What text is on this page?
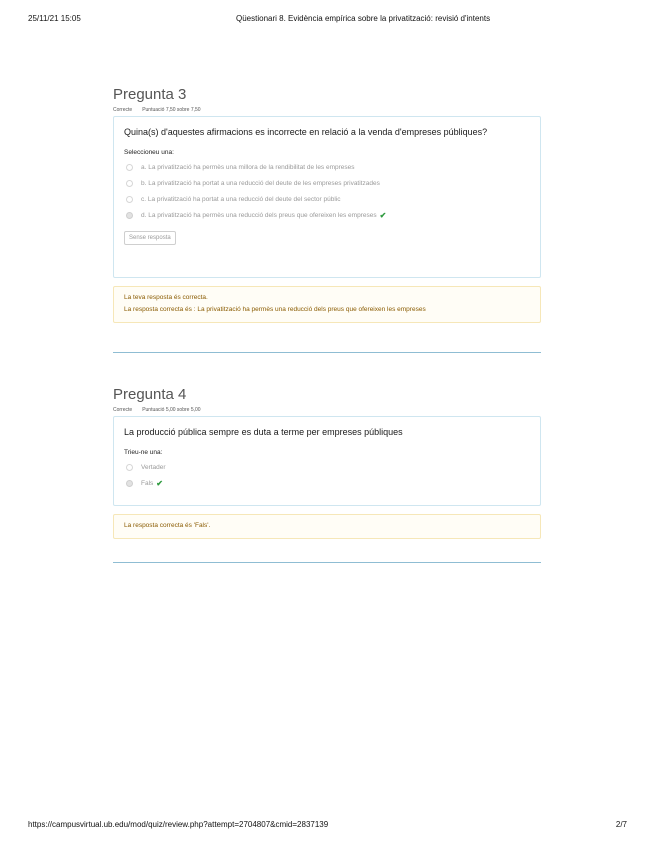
25/11/21 15:05	Qüestionari 8. Evidència empírica sobre la privatització: revisió d'intents
Pregunta 3
Correcte Puntuació 7,50 sobre 7,50

Quina(s) d'aquestes afirmacions es incorrecte en relació a la venda d'empreses públiques?

Seleccioneu una:

a. La privatització ha permès una millora de la rendibilitat de les empreses
b. La privatització ha portat a una reducció del deute de les empreses privatitzades
c. La privatització ha portat a una reducció del deute del sector públic
d. La privatització ha permès una reducció dels preus que ofereixen les empreses ✔
Sense resposta

La teva resposta és correcta.

La resposta correcta és : La privatització ha permès una reducció dels preus que ofereixen les empreses

Pregunta 4
Correcte Puntuació 5,00 sobre 5,00

La producció pública sempre es duta a terme per empreses públiques

Trieu-ne una:

Vertader
Fals ✔

La resposta correcta és 'Fals'.

https://campusvirtual.ub.edu/mod/quiz/review.php?attempt=2704807&cmid=2837139	2/7
